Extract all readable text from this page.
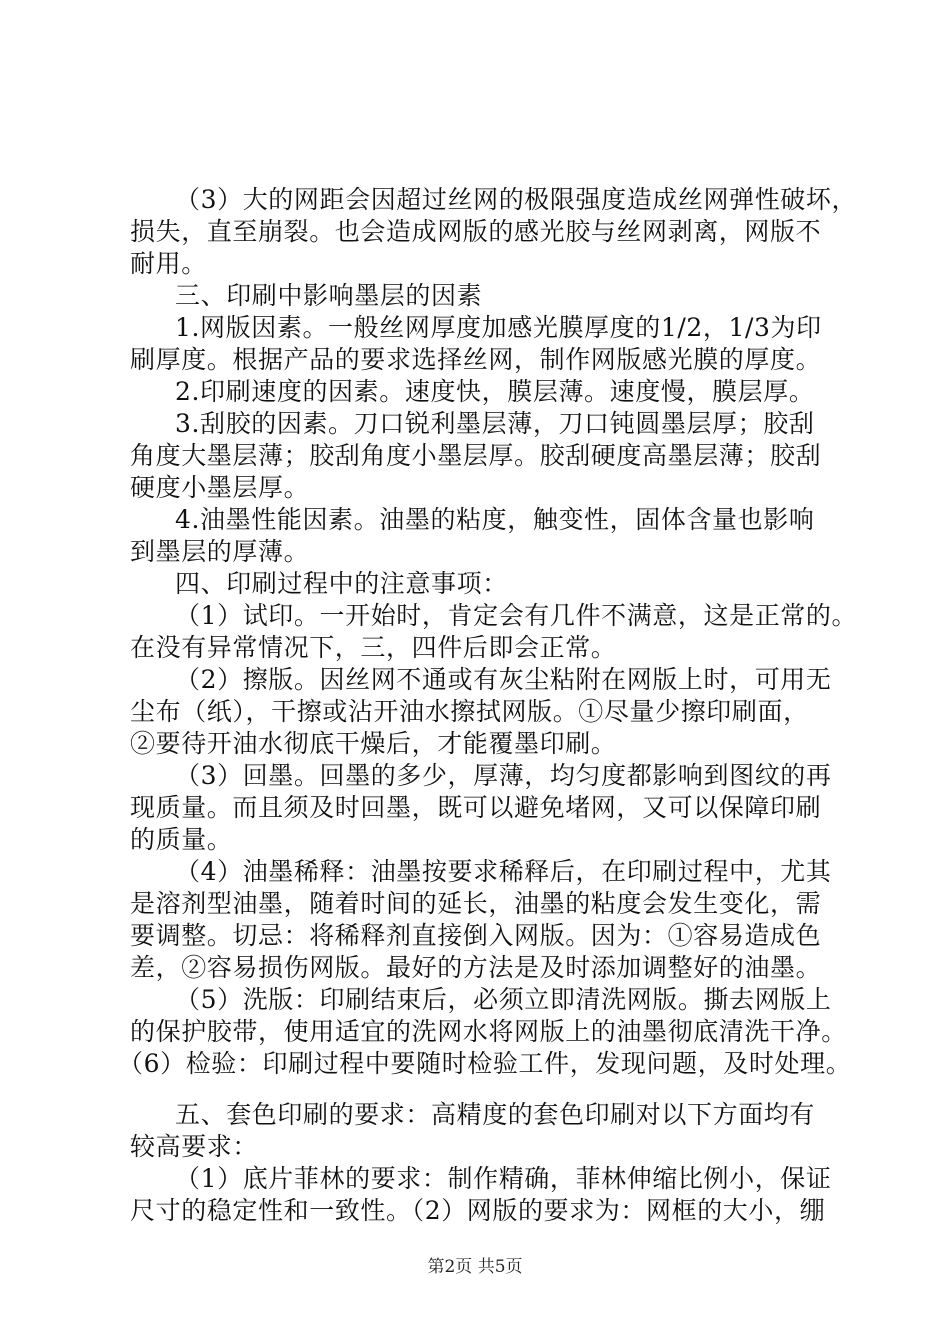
（3）大的网距会因超过丝网的极限强度造成丝网弹性破坏，
损失，直至崩裂。也会造成网版的感光胶与丝网剥离，网版不
耐用。
三、印刷中影响墨层的因素
1.网版因素。一般丝网厚度加感光膜厚度的1/2，1/3为印
刷厚度。根据产品的要求选择丝网，制作网版感光膜的厚度。
2.印刷速度的因素。速度快，膜层薄。速度慢，膜层厚。
3.刮胶的因素。刀口锐利墨层薄，刀口钝圆墨层厚；胶刮
角度大墨层薄；胶刮角度小墨层厚。胶刮硬度高墨层薄；胶刮
硬度小墨层厚。
4.油墨性能因素。油墨的粘度，触变性，固体含量也影响
到墨层的厚薄。
四、印刷过程中的注意事项：
（1）试印。一开始时，肯定会有几件不满意，这是正常的。
在没有异常情况下，三，四件后即会正常。
（2）擦版。因丝网不通或有灰尘粘附在网版上时，可用无
尘布（纸），干擦或沾开油水擦拭网版。①尽量少擦印刷面，
②要待开油水彻底干燥后，才能覆墨印刷。
（3）回墨。回墨的多少，厚薄，均匀度都影响到图纹的再
现质量。而且须及时回墨，既可以避免堵网，又可以保障印刷
的质量。
（4）油墨稀释：油墨按要求稀释后，在印刷过程中，尤其
是溶剂型油墨，随着时间的延长，油墨的粘度会发生变化，需
要调整。切忌：将稀释剂直接倒入网版。因为：①容易造成色
差，②容易损伤网版。最好的方法是及时添加调整好的油墨。
（5）洗版：印刷结束后，必须立即清洗网版。撕去网版上
的保护胶带，使用适宜的洗网水将网版上的油墨彻底清洗干净。
（6）检验：印刷过程中要随时检验工件，发现问题，及时处理。
五、套色印刷的要求：高精度的套色印刷对以下方面均有
较高要求：
（1）底片菲林的要求：制作精确，菲林伸缩比例小，保证
尺寸的稳定性和一致性。（2）网版的要求为：网框的大小，绷
第2页 共5页
